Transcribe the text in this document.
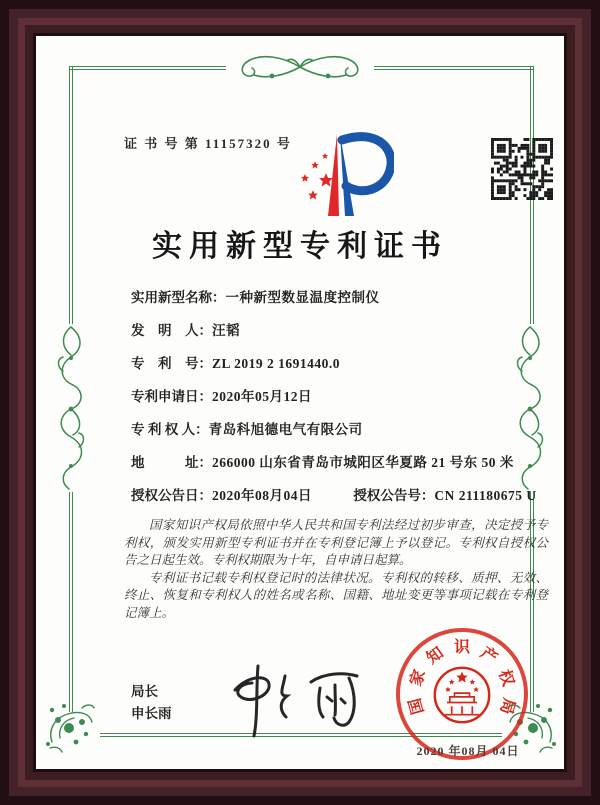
证 书 号 第 11157320 号
实用新型专利证书
实用新型名称：一种新型数显温度控制仪
发　明　人：汪韬
专　利　号：ZL 2019 2 1691440.0
专利申请日：2020年05月12日
专 利 权 人：青岛科旭德电气有限公司
地　　　址：266000 山东省青岛市城阳区华夏路 21 号东 50 米
授权公告日：2020年08月04日	授权公告号：CN 211180675 U

国家知识产权局依照中华人民共和国专利法经过初步审查，决定授予专利权，颁发实用新型专利证书并在专利登记簿上予以登记。专利权自授权公告之日起生效。专利权期限为十年，自申请日起算。

专利证书记载专利权登记时的法律状况。专利权的转移、质押、无效、终止、恢复和专利权人的姓名或名称、国籍、地址变更等事项记载在专利登记簿上。

局长
申长雨	国
家
知 识 产
权
局
2020 年08月 04日
